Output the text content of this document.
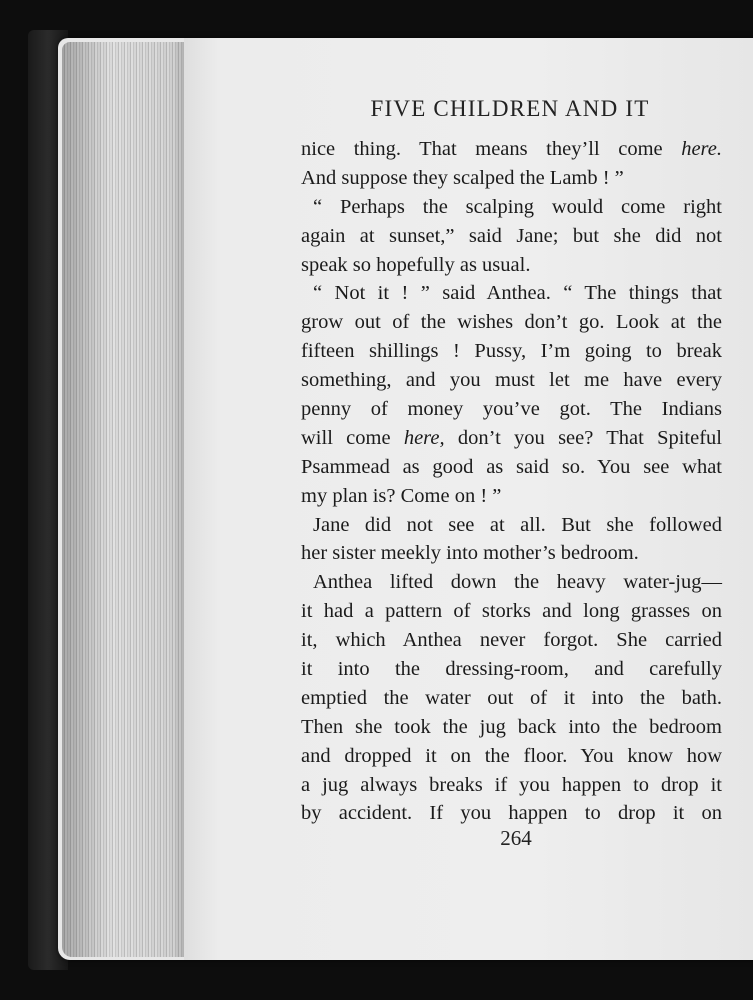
FIVE CHILDREN AND IT
nice thing. That means they’ll come here.
And suppose they scalped the Lamb ! ”
“ Perhaps the scalping would come right
again at sunset,” said Jane; but she did not
speak so hopefully as usual.
“ Not it ! ” said Anthea. “ The things that
grow out of the wishes don’t go. Look at the
fifteen shillings ! Pussy, I’m going to break
something, and you must let me have every
penny of money you’ve got. The Indians
will come here, don’t you see? That Spiteful
Psammead as good as said so. You see what
my plan is? Come on ! ”
Jane did not see at all. But she followed
her sister meekly into mother’s bedroom.
Anthea lifted down the heavy water-jug—
it had a pattern of storks and long grasses on
it, which Anthea never forgot. She carried
it into the dressing-room, and carefully
emptied the water out of it into the bath.
Then she took the jug back into the bedroom
and dropped it on the floor. You know how
a jug always breaks if you happen to drop it
by accident. If you happen to drop it on
264
